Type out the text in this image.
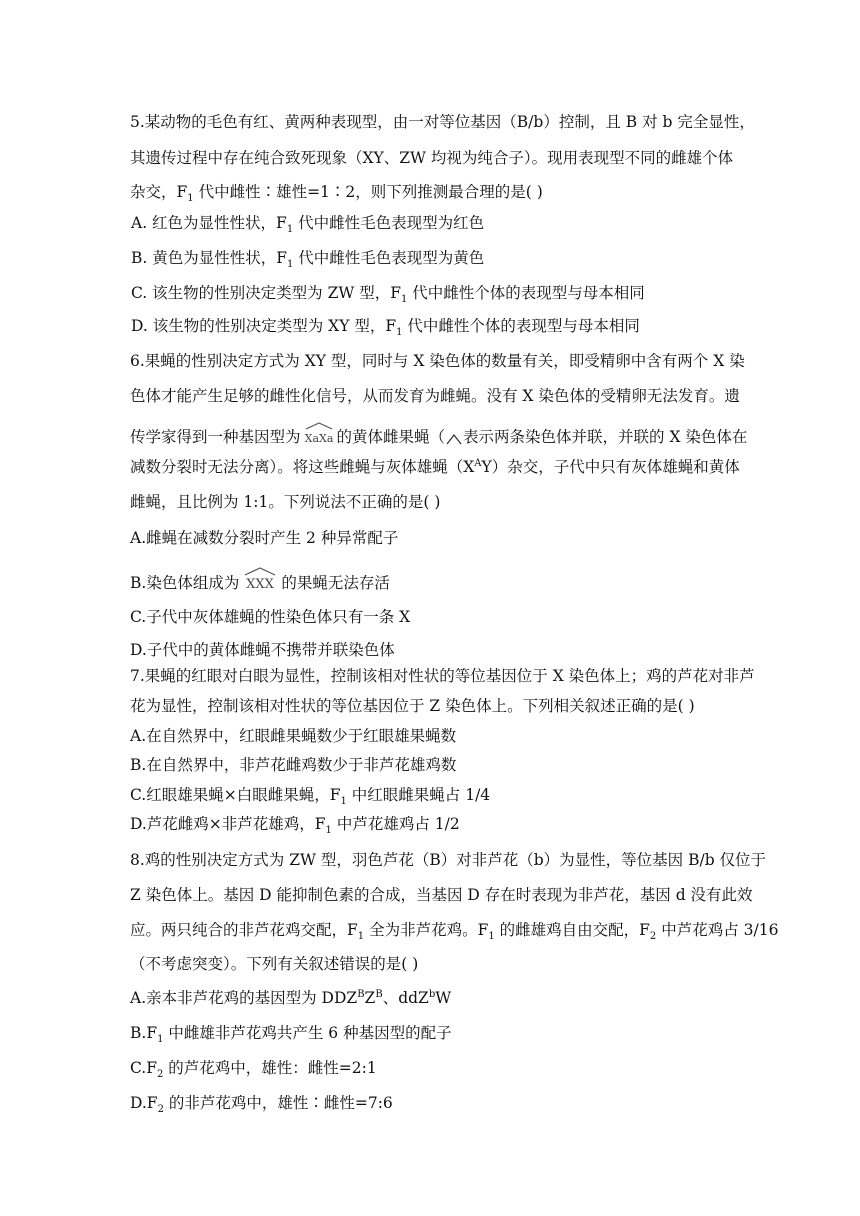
5.某动物的毛色有红、黄两种表现型，由一对等位基因（B/b）控制，且 B 对 b 完全显性，
其遗传过程中存在纯合致死现象（XY、ZW 均视为纯合子）。现用表现型不同的雌雄个体
杂交，$F_1$ 代中雌性∶雄性=1∶2，则下列推测最合理的是( )
A. 红色为显性性状，$F_1$ 代中雌性毛色表现型为红色
B. 黄色为显性性状，$F_1$ 代中雌性毛色表现型为黄色
C. 该生物的性别决定类型为 ZW 型，$F_1$ 代中雌性个体的表现型与母本相同
D. 该生物的性别决定类型为 XY 型，$F_1$ 代中雌性个体的表现型与母本相同
6.果蝇的性别决定方式为 XY 型，同时与 X 染色体的数量有关，即受精卵中含有两个 X 染
色体才能产生足够的雌性化信号，从而发育为雌蝇。没有 X 染色体的受精卵无法发育。遗
传学家得到一种基因型为 XaXa 的黄体雌果蝇（ 表示两条染色体并联，并联的 X 染色体在
减数分裂时无法分离）。将这些雌蝇与灰体雄蝇$(X^AY)$杂交，子代中只有灰体雄蝇和黄体
雌蝇，且比例为 1:1。下列说法不正确的是( )
A.雌蝇在减数分裂时产生 2 种异常配子
B.染色体组成为 XXX 的果蝇无法存活
C.子代中灰体雄蝇的性染色体只有一条 X
D.子代中的黄体雌蝇不携带并联染色体
7.果蝇的红眼对白眼为显性，控制该相对性状的等位基因位于 X 染色体上；鸡的芦花对非芦
花为显性，控制该相对性状的等位基因位于 Z 染色体上。下列相关叙述正确的是( )
A.在自然界中，红眼雌果蝇数少于红眼雄果蝇数
B.在自然界中，非芦花雌鸡数少于非芦花雄鸡数
C.红眼雄果蝇×白眼雌果蝇，$F_1$ 中红眼雌果蝇占 1/4
D.芦花雌鸡×非芦花雄鸡，$F_1$ 中芦花雄鸡占 1/2
8.鸡的性别决定方式为 ZW 型，羽色芦花（B）对非芦花（b）为显性，等位基因 B/b 仅位于
Z 染色体上。基因 D 能抑制色素的合成，当基因 D 存在时表现为非芦花，基因 d 没有此效
应。两只纯合的非芦花鸡交配，$F_1$ 全为非芦花鸡。$F_1$ 的雌雄鸡自由交配，$F_2$ 中芦花鸡占 3/16
（不考虑突变）。下列有关叙述错误的是( )
A.亲本非芦花鸡的基因型为 $DDZ^BZ^B$、ddZ$^b$W
$B.F_1$ 中雌雄非芦花鸡共产生 6 种基因型的配子
$C.F_2$ 的芦花鸡中，雄性：雌性=2:1
$D.F_2$ 的非芦花鸡中，雄性∶雌性=7:6
